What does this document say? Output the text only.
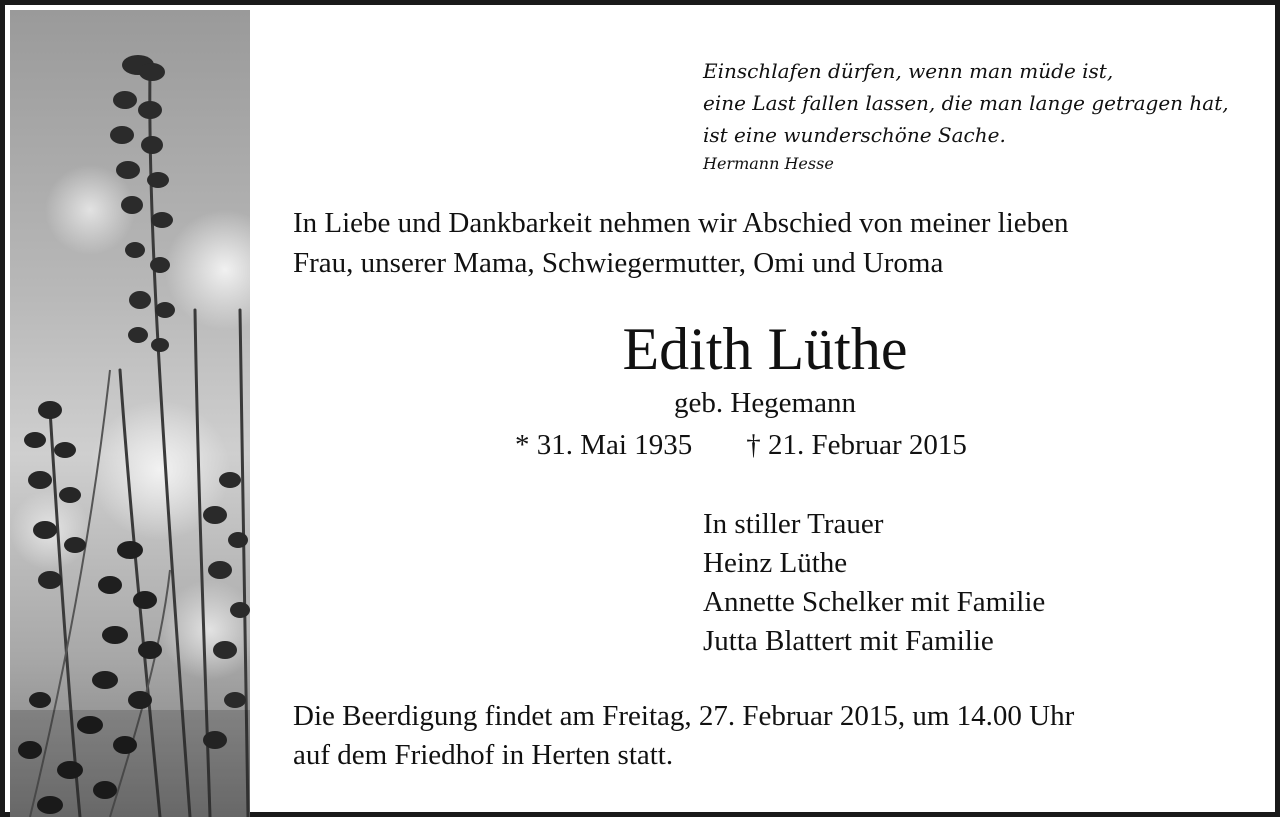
Einschlafen dürfen, wenn man müde ist,
eine Last fallen lassen, die man lange getragen hat,
ist eine wunderschöne Sache.
Hermann Hesse
In Liebe und Dankbarkeit nehmen wir Abschied von meiner lieben
Frau, unserer Mama, Schwiegermutter, Omi und Uroma
Edith Lüthe
geb. Hegemann
* 31. Mai 1935 † 21. Februar 2015
In stiller Trauer
Heinz Lüthe
Annette Schelker mit Familie
Jutta Blattert mit Familie
Die Beerdigung findet am Freitag, 27. Februar 2015, um 14.00 Uhr
auf dem Friedhof in Herten statt.
